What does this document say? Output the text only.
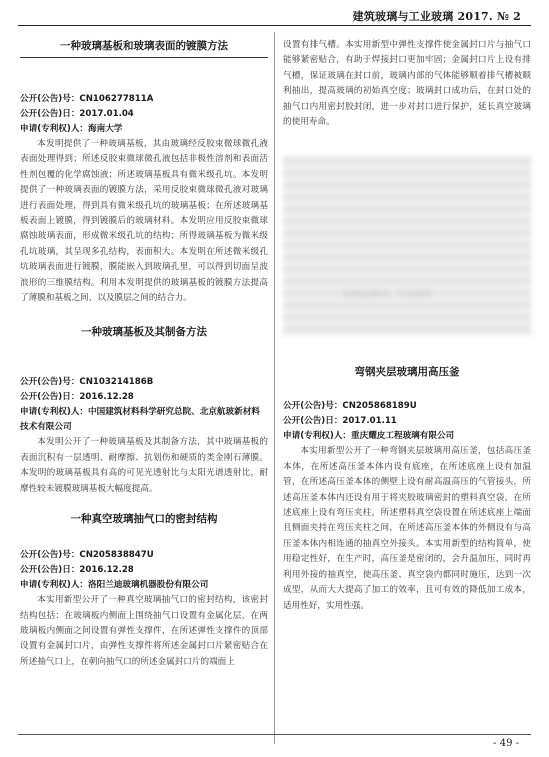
建筑玻璃与工业玻璃 2017. № 2
一种玻璃基板和玻璃表面的镀膜方法
公开(公告)号：CN106277811A
公开(公告)日：2017.01.04
申请(专利权)人：海南大学

本发明提供了一种玻璃基板，其由玻璃经反胶束微球微孔液表面处理得到；所述反胶束微球微孔液包括非极性溶剂和表面活性剂包覆的化学腐蚀液；所述玻璃基板具有微米级孔坑。本发明提供了一种玻璃表面的镀膜方法，采用反胶束微球微孔液对玻璃进行表面处理，得到具有微米级孔坑的玻璃基板；在所述玻璃基板表面上镀膜，得到镀膜后的玻璃材料。本发明应用反胶束微球腐蚀玻璃表面，形成微米级孔坑的结构；所得玻璃基板为微米级孔坑玻璃，其呈现多孔结构，表面积大。本发明在所述微米级孔坑玻璃表面进行镀膜，膜能嵌入到玻璃孔里，可以得到切面呈波浪形的三维膜结构。利用本发明提供的玻璃基板的镀膜方法提高了薄膜和基板之间，以及膜层之间的结合力。

一种玻璃基板及其制备方法
公开(公告)号：CN103214186B
公开(公告)日：2016.12.28
申请(专利权)人：中国建筑材料科学研究总院、北京航玻新材料技术有限公司

本发明公开了一种玻璃基板及其制备方法，其中玻璃基板的表面沉积有一层透明、耐摩擦、抗划伤和硬质的类金刚石薄膜。本发明的玻璃基板具有高的可见光透射比与太阳光谱透射比，耐摩性较未镀膜玻璃基板大幅度提高。

一种真空玻璃抽气口的密封结构
公开(公告)号：CN205838847U
公开(公告)日：2016.12.28
申请(专利权)人：洛阳兰迪玻璃机器股份有限公司

本实用新型公开了一种真空玻璃抽气口的密封结构，该密封结构包括：在玻璃板内侧面上围绕抽气口设置有金属化层，在两玻璃板内侧面之间设置有弹性支撑件，在所述弹性支撑件的顶部设置有金属封口片，由弹性支撑件将所述金属封口片紧密贴合在所述抽气口上，在朝向抽气口的所述金属封口片的端面上

设置有排气槽。本实用新型中弹性支撑件使金属封口片与抽气口能够紧密贴合，有助于焊接封口更加牢固；金属封口片上设有排气槽，保证玻璃在封口前，玻璃内部的气体能够顺着排气槽被顺利抽出，提高玻璃的初始真空度；玻璃封口成功后，在封口处的抽气口内用密封胶封闭，进一步对封口进行保护，延长真空玻璃的使用寿命。

如图(2)移动，以及说明
弯钢夹层玻璃用高压釜
公开(公告)号：CN205868189U
公开(公告)日：2017.01.11
申请(专利权)人：重庆耀皮工程玻璃有限公司

本实用新型公开了一种弯钢夹层玻璃用高压釜，包括高压釜本体，在所述高压釜本体内设有底座，在所述底座上设有加温管，在所述高压釜本体的侧壁上设有耐高温高压的气管接头，所述高压釜本体内还设有用于将夹胶玻璃密封的塑料真空袋，在所述底座上设有弯压夹柱，所述塑料真空袋设置在所述底座上端面且侧面夹持在弯压夹柱之间，在所述高压釜本体的外侧设有与高压釜本体内相连通的抽真空外接头。本实用新型的结构简单，使用稳定性好，在生产时，高压釜是密闭的，会升温加压，同时再利用外接的抽真空，使高压釜、真空袋内都同时施压，达到一次成型，从而大大提高了加工的效率，且可有效的降低加工成本，适用性好，实用性强。

- 49 -
